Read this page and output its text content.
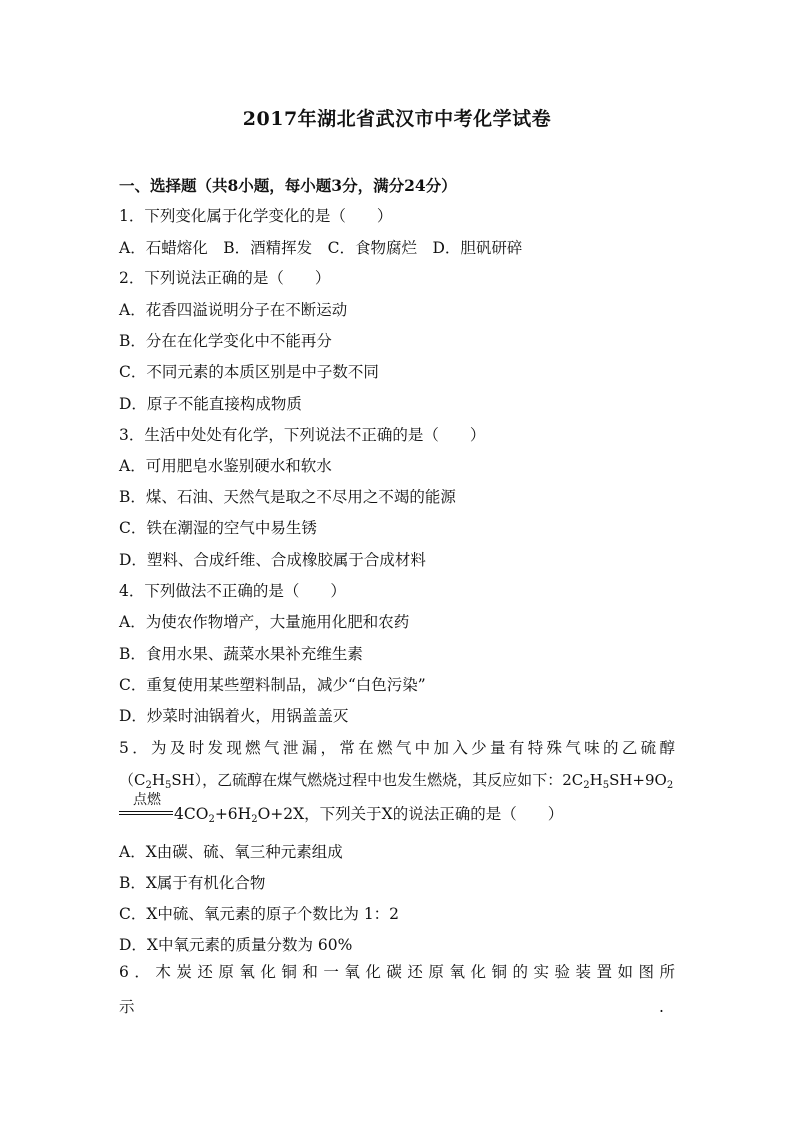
2017年湖北省武汉市中考化学试卷
一、选择题（共8小题，每小题3分，满分24分）
1．下列变化属于化学变化的是（　　）
A．石蜡熔化　B．酒精挥发　C．食物腐烂　D．胆矾研碎
2．下列说法正确的是（　　）
A．花香四溢说明分子在不断运动
B．分在在化学变化中不能再分
C．不同元素的本质区别是中子数不同
D．原子不能直接构成物质
3．生活中处处有化学，下列说法不正确的是（　　）
A．可用肥皂水鉴别硬水和软水
B．煤、石油、天然气是取之不尽用之不竭的能源
C．铁在潮湿的空气中易生锈
D．塑料、合成纤维、合成橡胶属于合成材料
4．下列做法不正确的是（　　）
A．为使农作物增产，大量施用化肥和农药
B．食用水果、蔬菜水果补充维生素
C．重复使用某些塑料制品，减少“白色污染”
D．炒菜时油锅着火，用锅盖盖灭
5．为及时发现燃气泄漏，常在燃气中加入少量有特殊气味的乙硫醇
$(C_2H_5SH)$，乙硫醇在煤气燃烧过程中也发生燃烧，其反应如下：$2C_2H_5SH+9O_2$
点燃
$4CO_2+6H_2O+2X$，下列关于X的说法正确的是（　　）
A．X由碳、硫、氧三种元素组成
B．X属于有机化合物
C．X中硫、氧元素的原子个数比为 1：2
D．X中氧元素的质量分数为 60%
6．木炭还原氧化铜和一氧化碳还原氧化铜的实验装置如图所
示	.
